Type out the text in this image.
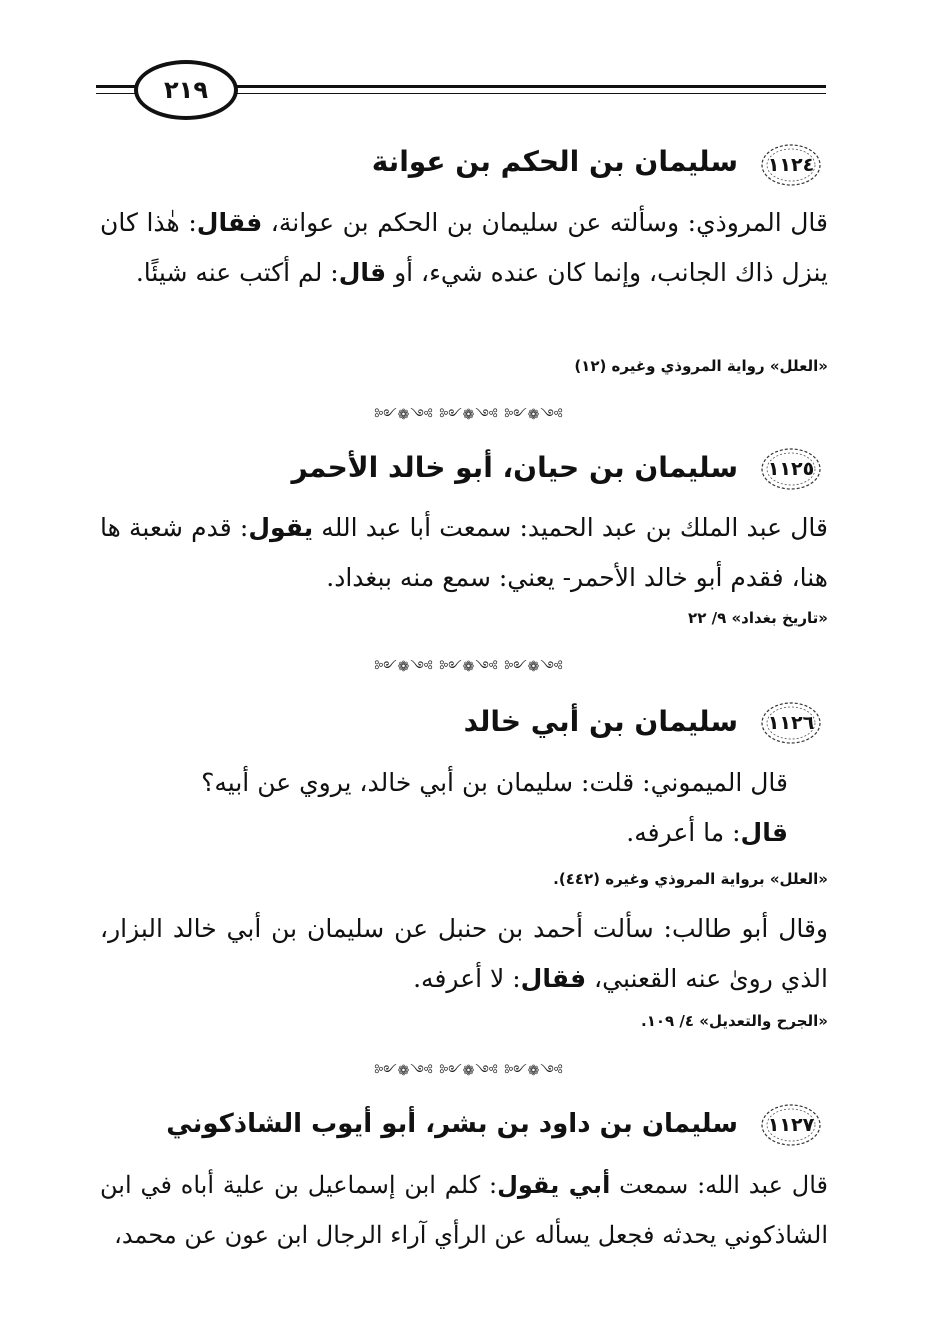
٢١٩
١١٢٤
سليمان بن الحكم بن عوانة
قال المروذي: وسألته عن سليمان بن الحكم بن عوانة، فقال: هٰذا كان ينزل ذاك الجانب، وإنما كان عنده شيء، أو قال: لم أكتب عنه شيئًا.
«العلل» رواية المروذي وغيره (١٢)
༻❁༺ ༻❁༺ ༻❁༺
١١٢٥
سليمان بن حيان، أبو خالد الأحمر
قال عبد الملك بن عبد الحميد: سمعت أبا عبد الله يقول: قدم شعبة ها هنا، فقدم أبو خالد الأحمر- يعني: سمع منه ببغداد.
«تاريخ بغداد» ٩/ ٢٢
༻❁༺ ༻❁༺ ༻❁༺
١١٢٦
سليمان بن أبي خالد
قال الميموني: قلت: سليمان بن أبي خالد، يروي عن أبيه؟
قال: ما أعرفه.
«العلل» برواية المروذي وغيره (٤٤٢).
وقال أبو طالب: سألت أحمد بن حنبل عن سليمان بن أبي خالد البزار، الذي روىٰ عنه القعنبي، فقال: لا أعرفه.
«الجرح والتعديل» ٤/ ١٠٩.
༻❁༺ ༻❁༺ ༻❁༺
١١٢٧
سليمان بن داود بن بشر، أبو أيوب الشاذكوني
قال عبد الله: سمعت أبي يقول: كلم ابن إسماعيل بن علية أباه في ابن الشاذكوني يحدثه فجعل يسأله عن الرأي آراء الرجال ابن عون عن محمد،
